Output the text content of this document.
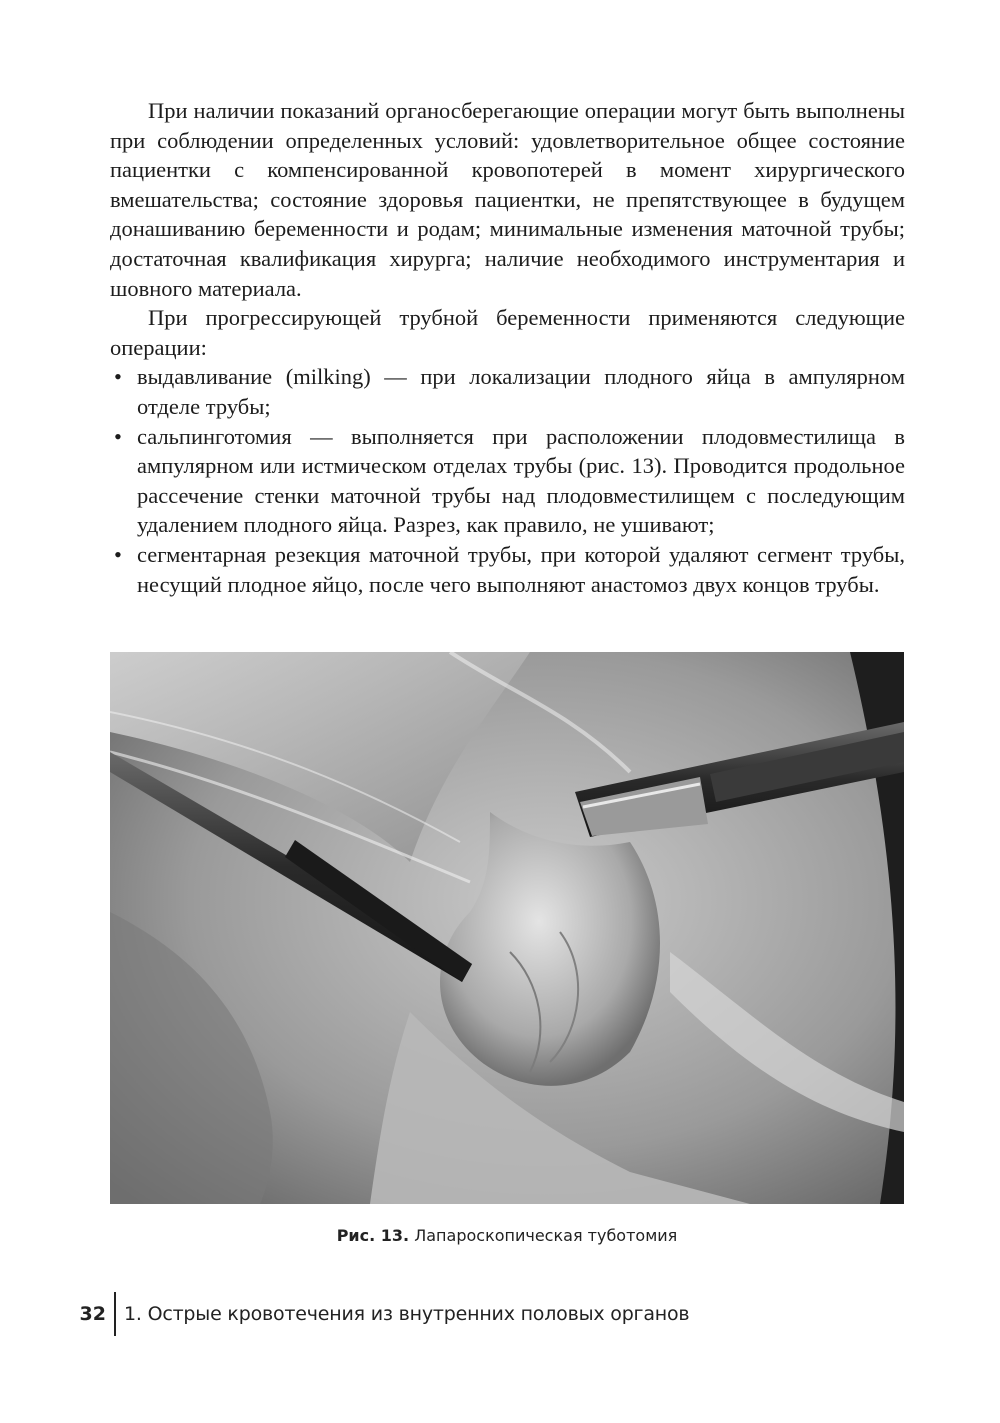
При наличии показаний органосберегающие операции могут быть выполнены при соблюдении определенных условий: удовлетворительное общее состояние пациентки с компенсированной кровопотерей в момент хирургического вмешательства; состояние здоровья пациентки, не препятствующее в будущем донашиванию беременности и родам; минимальные изменения маточной трубы; достаточная квалификация хирурга; наличие необходимого инструментария и шовного материала.

При прогрессирующей трубной беременности применяются следующие операции:

• выдавливание (milking) — при локализации плодного яйца в ампулярном отделе трубы;
• сальпинготомия — выполняется при расположении плодовместилища в ампулярном или истмическом отделах трубы (рис. 13). Проводится продольное рассечение стенки маточной трубы над плодовместилищем с последующим удалением плодного яйца. Разрез, как правило, не ушивают;
• сегментарная резекция маточной трубы, при которой удаляют сегмент трубы, несущий плодное яйцо, после чего выполняют анастомоз двух концов трубы.
Рис. 13. Лапароскопическая туботомия
32 1. Острые кровотечения из внутренних половых органов
